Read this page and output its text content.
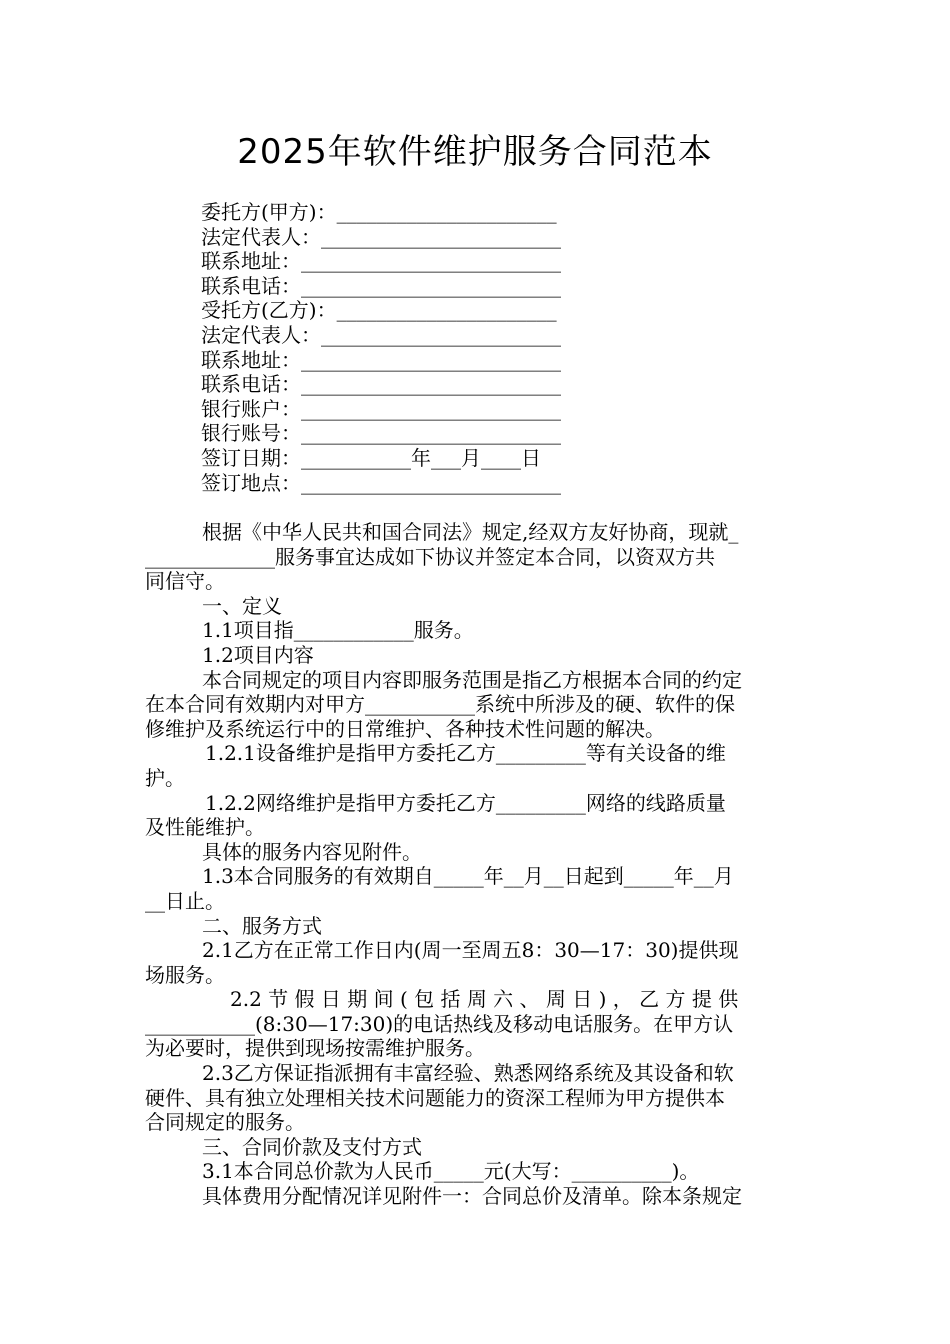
2025年软件维护服务合同范本
委托方(甲方)： ______________________
法定代表人： ________________________
联系地址： __________________________
联系电话： __________________________
受托方(乙方)： ______________________
法定代表人： ________________________
联系地址： __________________________
联系电话： __________________________
银行账户： __________________________
银行账号： __________________________
签订日期： ___________年___月____日
签订地点： __________________________

根据《中华人民共和国合同法》规定,经双方友好协商，现就_

_____________服务事宜达成如下协议并签定本合同，以资双方共

同信守。

一、定义

1.1项目指____________服务。

1.2项目内容

本合同规定的项目内容即服务范围是指乙方根据本合同的约定

在本合同有效期内对甲方___________系统中所涉及的硬、软件的保

修维护及系统运行中的日常维护、各种技术性问题的解决。

1.2.1设备维护是指甲方委托乙方_________等有关设备的维

护。

1.2.2网络维护是指甲方委托乙方_________网络的线路质量

及性能维护。

具体的服务内容见附件。

1.3本合同服务的有效期自_____年__月__日起到_____年__月

__日止。

二、服务方式

2.1乙方在正常工作日内(周一至周五8：30—17：30)提供现

场服务。

2.2 节 假 日 期 间 ( 包 括 周 六 、 周 日 ) ， 乙 方 提 供

___________(8:30—17:30)的电话热线及移动电话服务。在甲方认

为必要时，提供到现场按需维护服务。

2.3乙方保证指派拥有丰富经验、熟悉网络系统及其设备和软

硬件、具有独立处理相关技术问题能力的资深工程师为甲方提供本

合同规定的服务。

三、合同价款及支付方式

3.1本合同总价款为人民币_____元(大写：__________)。

具体费用分配情况详见附件一：合同总价及清单。除本条规定
